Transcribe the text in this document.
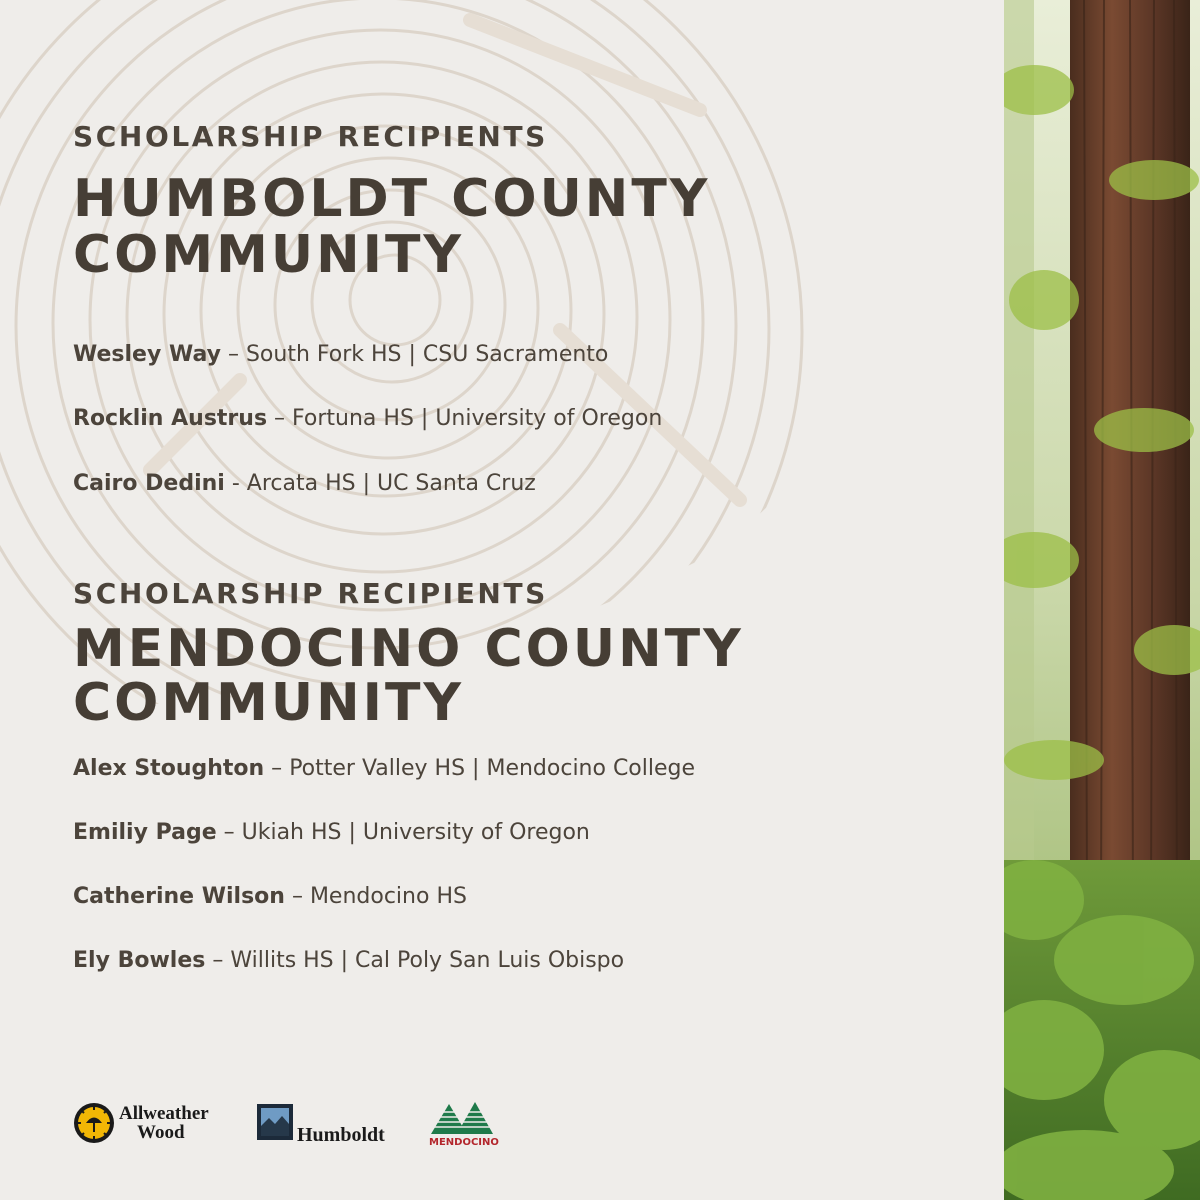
SCHOLARSHIP RECIPIENTS
HUMBOLDT COUNTY
COMMUNITY
Wesley Way – South Fork HS | CSU Sacramento
Rocklin Austrus – Fortuna HS | University of Oregon
Cairo Dedini - Arcata HS | UC Santa Cruz
SCHOLARSHIP RECIPIENTS
MENDOCINO COUNTY
COMMUNITY
Alex Stoughton – Potter Valley HS | Mendocino College
Emiliy Page – Ukiah HS | University of Oregon
Catherine Wilson – Mendocino HS
Ely Bowles – Willits HS | Cal Poly San Luis Obispo
Allweather
Wood	Humboldt	MENDOCINO
